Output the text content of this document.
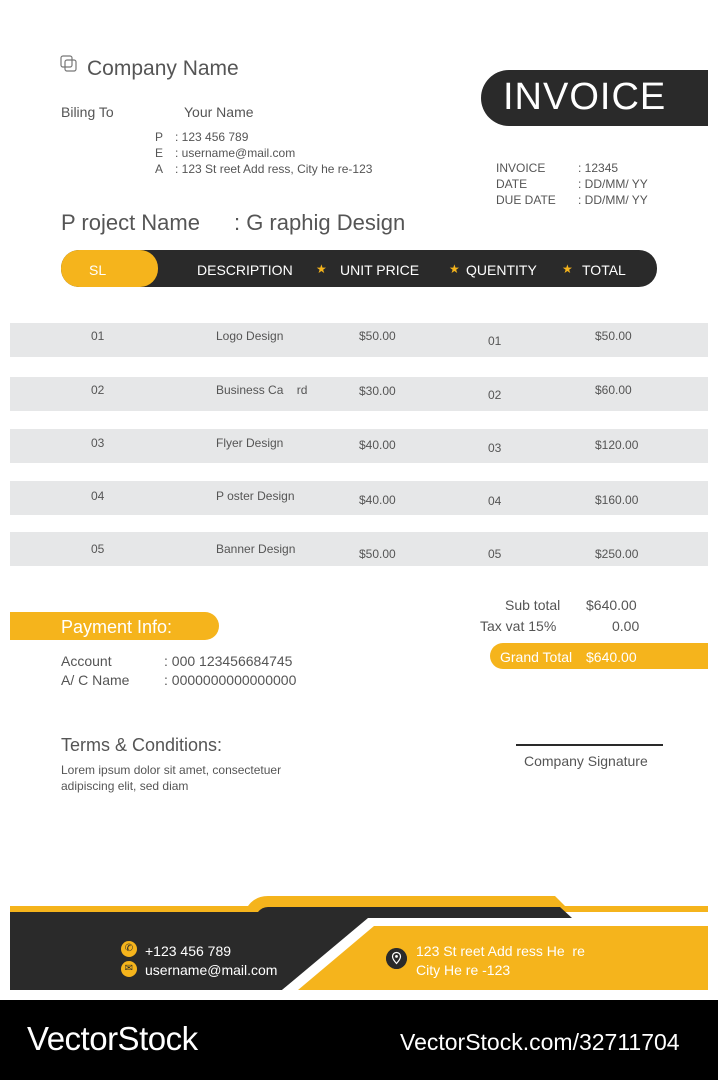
Company Name
Biling To	Your Name
P : 123 456 789
E : username@mail.com
A : 123 St reet Add ress, City he re-123
INVOICE
INVOICE	: 12345
DATE	: DD/MM/ YY
DUE DATE : DD/MM/ YY
P roject Name : G raphig Design
SL	DESCRIPTION ★ UNIT PRICE ★ QUENTITY ★ TOTAL
01	Logo Design	$50.00	01	$50.00
02	Business Ca    rd	$30.00	02	$60.00
03	Flyer Design	$40.00	03	$120.00
04	P oster Design	$40.00	04	$160.00
05	Banner Design	$50.00	05	$250.00
Sub total $640.00
Tax vat 15%	0.00
Grand Total $640.00
Payment Info:
Account	: 000 123456684745
A/ C Name : 0000000000000000
Terms & Conditions:
Lorem ipsum dolor sit amet, consectetuer adipiscing elit, sed diam
Company Signature
✆ +123 456 789
✉ username@mail.com
123 St reet Add ress He  re
City He re -123
VectorStock	VectorStock.com/32711704
